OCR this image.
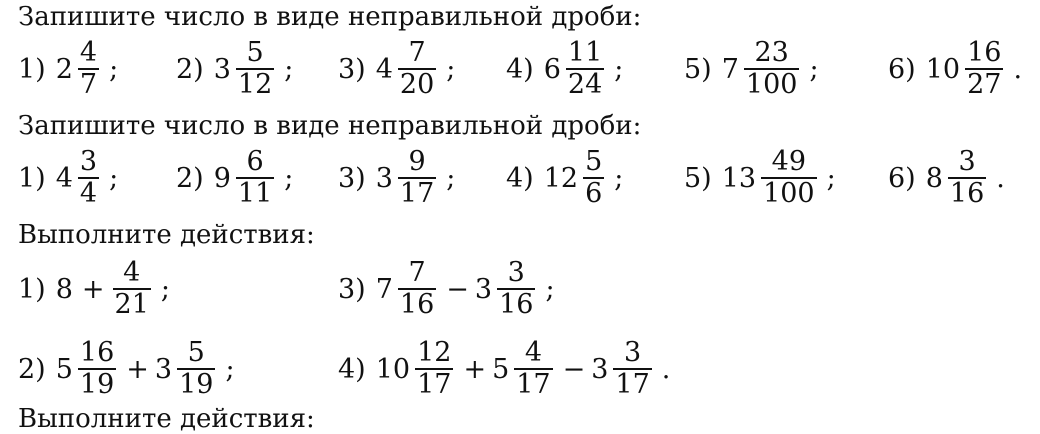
Запишите число в виде неправильной дроби:
1) $2 \frac{4}{7}$ ; 2) $3 \frac{5}{12}$ ; 3) $4 \frac{7}{20}$ ; 4) $6 \frac{11}{24}$ ; 5) $7 \frac{23}{100}$ ;	6) $10 \frac{16}{27}$ .
Запишите число в виде неправильной дроби:
1) $4 \frac{3}{4}$ ; 2) $9 \frac{6}{11}$ ; 3) $3 \frac{9}{17}$ ; 4) $12 \frac{5}{6}$ ; 5) $13 \frac{49}{100}$ ; 6) $8 \frac{3}{16}$ .
Выполните действия:
1) $8 + \frac{4}{21}$ ;	3) $7 \frac{7}{16} - 3 \frac{3}{16}$ ;
2) $5 \frac{16}{19} + 3 \frac{5}{19}$ ;	4) $10 \frac{12}{17} + 5 \frac{4}{17} - 3 \frac{3}{17}$ .
Выполните действия:
